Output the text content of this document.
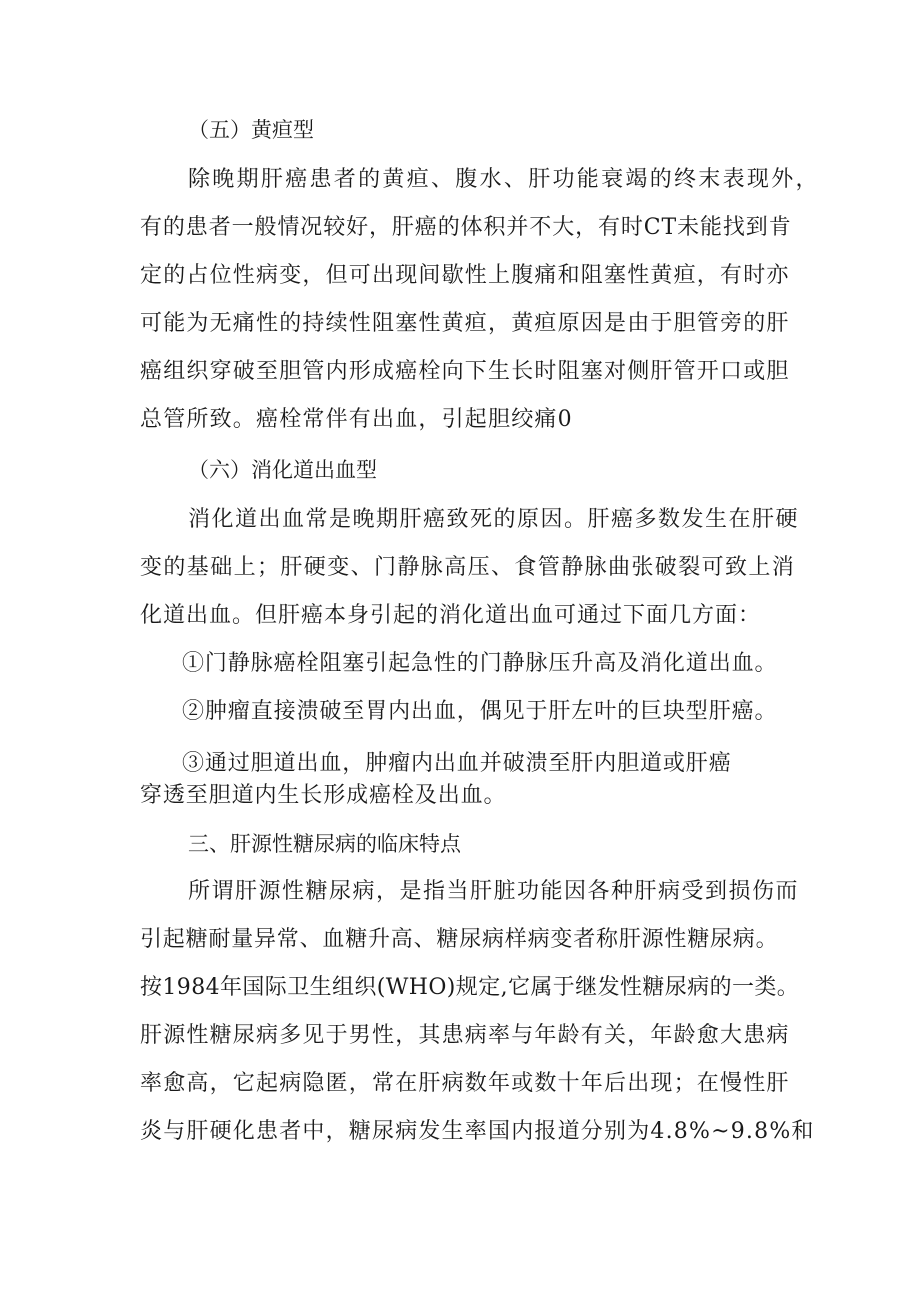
（五）黄疸型
除晚期肝癌患者的黄疸、腹水、肝功能衰竭的终末表现外，
有的患者一般情况较好，肝癌的体积并不大，有时CT未能找到肯
定的占位性病变，但可出现间歇性上腹痛和阻塞性黄疸，有时亦
可能为无痛性的持续性阻塞性黄疸，黄疸原因是由于胆管旁的肝
癌组织穿破至胆管内形成癌栓向下生长时阻塞对侧肝管开口或胆
总管所致。癌栓常伴有出血，引起胆绞痛0
（六）消化道出血型
消化道出血常是晚期肝癌致死的原因。肝癌多数发生在肝硬
变的基础上；肝硬变、门静脉高压、食管静脉曲张破裂可致上消
化道出血。但肝癌本身引起的消化道出血可通过下面几方面：
①门静脉癌栓阻塞引起急性的门静脉压升高及消化道出血。
②肿瘤直接溃破至胃内出血，偶见于肝左叶的巨块型肝癌。
③通过胆道出血，肿瘤内出血并破溃至肝内胆道或肝癌
穿透至胆道内生长形成癌栓及出血。
三、肝源性糖尿病的临床特点
所谓肝源性糖尿病，是指当肝脏功能因各种肝病受到损伤而
引起糖耐量异常、血糖升高、糖尿病样病变者称肝源性糖尿病。
按1984年国际卫生组织(WHO)规定,它属于继发性糖尿病的一类。
肝源性糖尿病多见于男性，其患病率与年龄有关，年龄愈大患病
率愈高，它起病隐匿，常在肝病数年或数十年后出现；在慢性肝
炎与肝硬化患者中，糖尿病发生率国内报道分别为4.8%~9.8%和
